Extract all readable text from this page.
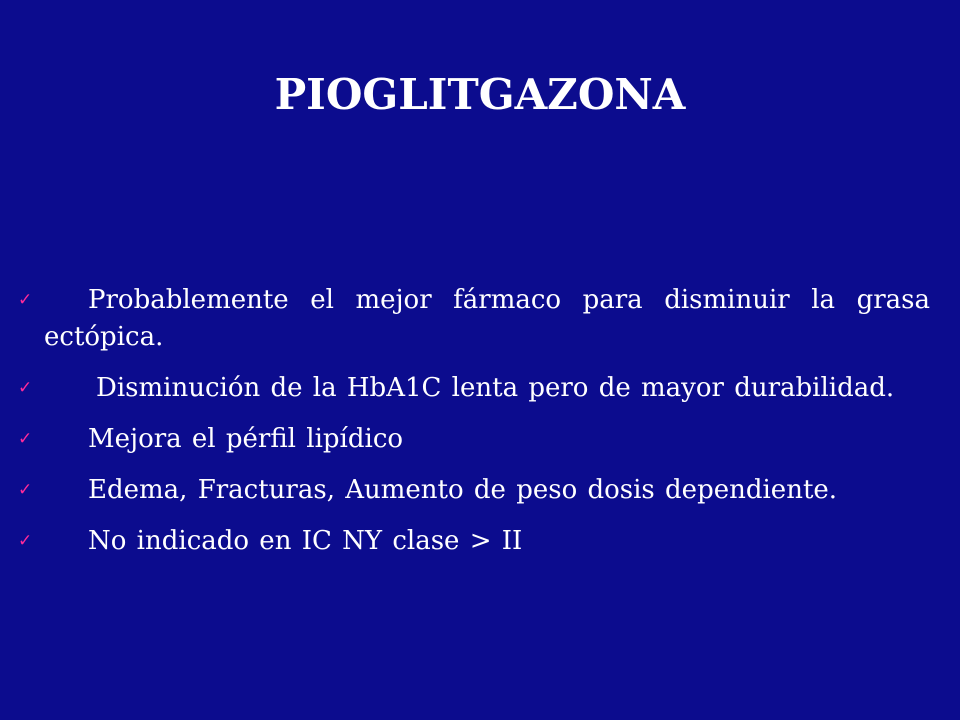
PIOGLITGAZONA
✓	Probablemente el mejor fármaco para disminuir la grasa ectópica.
✓	Disminución de la HbA1C lenta pero de mayor durabilidad.
✓	Mejora el pérfil lipídico
✓	Edema, Fracturas, Aumento de peso dosis dependiente.
✓	No indicado en IC NY clase > II
